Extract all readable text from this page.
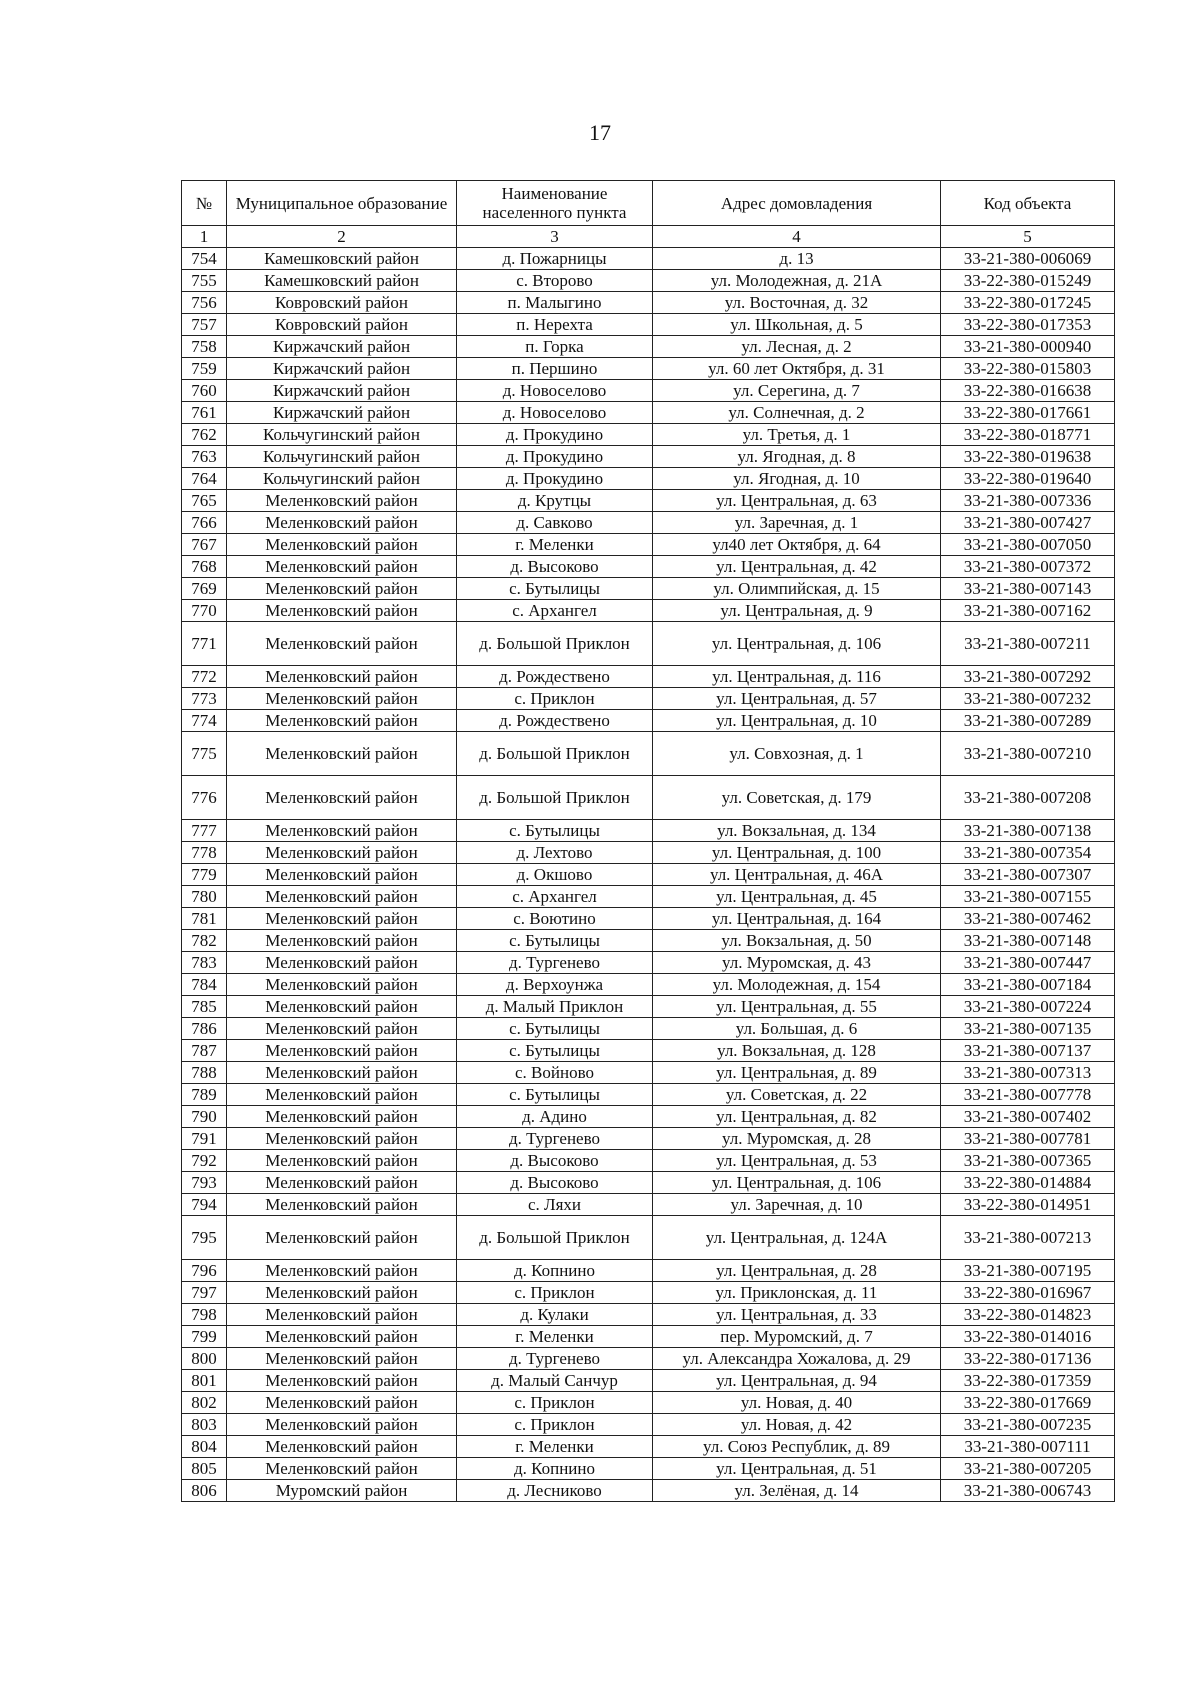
17
№	Муниципальное образование	Наименование населенного пункта	Адрес домовладения	Код объекта
1	2	3	4	5
754	Камешковский район	д. Пожарницы	д. 13	33-21-380-006069
755	Камешковский район	с. Второво	ул. Молодежная, д. 21А	33-22-380-015249
756	Ковровский район	п. Малыгино	ул. Восточная, д. 32	33-22-380-017245
757	Ковровский район	п. Нерехта	ул. Школьная, д. 5	33-22-380-017353
758	Киржачский район	п. Горка	ул. Лесная, д. 2	33-21-380-000940
759	Киржачский район	п. Першино	ул. 60 лет Октября, д. 31	33-22-380-015803
760	Киржачский район	д. Новоселово	ул. Серегина, д. 7	33-22-380-016638
761	Киржачский район	д. Новоселово	ул. Солнечная, д. 2	33-22-380-017661
762	Кольчугинский район	д. Прокудино	ул. Третья, д. 1	33-22-380-018771
763	Кольчугинский район	д. Прокудино	ул. Ягодная, д. 8	33-22-380-019638
764	Кольчугинский район	д. Прокудино	ул. Ягодная, д. 10	33-22-380-019640
765	Меленковский район	д. Крутцы	ул. Центральная, д. 63	33-21-380-007336
766	Меленковский район	д. Савково	ул. Заречная, д. 1	33-21-380-007427
767	Меленковский район	г. Меленки	ул40 лет Октября, д. 64	33-21-380-007050
768	Меленковский район	д. Высоково	ул. Центральная, д. 42	33-21-380-007372
769	Меленковский район	с. Бутылицы	ул. Олимпийская, д. 15	33-21-380-007143
770	Меленковский район	с. Архангел	ул. Центральная, д. 9	33-21-380-007162
771	Меленковский район	д. Большой Приклон	ул. Центральная, д. 106	33-21-380-007211
772	Меленковский район	д. Рождествено	ул. Центральная, д. 116	33-21-380-007292
773	Меленковский район	с. Приклон	ул. Центральная, д. 57	33-21-380-007232
774	Меленковский район	д. Рождествено	ул. Центральная, д. 10	33-21-380-007289
775	Меленковский район	д. Большой Приклон	ул. Совхозная, д. 1	33-21-380-007210
776	Меленковский район	д. Большой Приклон	ул. Советская, д. 179	33-21-380-007208
777	Меленковский район	с. Бутылицы	ул. Вокзальная, д. 134	33-21-380-007138
778	Меленковский район	д. Лехтово	ул. Центральная, д. 100	33-21-380-007354
779	Меленковский район	д. Окшово	ул. Центральная, д. 46А	33-21-380-007307
780	Меленковский район	с. Архангел	ул. Центральная, д. 45	33-21-380-007155
781	Меленковский район	с. Воютино	ул. Центральная, д. 164	33-21-380-007462
782	Меленковский район	с. Бутылицы	ул. Вокзальная, д. 50	33-21-380-007148
783	Меленковский район	д. Тургенево	ул. Муромская, д. 43	33-21-380-007447
784	Меленковский район	д. Верхоунжа	ул. Молодежная, д. 154	33-21-380-007184
785	Меленковский район	д. Малый Приклон	ул. Центральная, д. 55	33-21-380-007224
786	Меленковский район	с. Бутылицы	ул. Большая, д. 6	33-21-380-007135
787	Меленковский район	с. Бутылицы	ул. Вокзальная, д. 128	33-21-380-007137
788	Меленковский район	с. Войново	ул. Центральная, д. 89	33-21-380-007313
789	Меленковский район	с. Бутылицы	ул. Советская, д. 22	33-21-380-007778
790	Меленковский район	д. Адино	ул. Центральная, д. 82	33-21-380-007402
791	Меленковский район	д. Тургенево	ул. Муромская, д. 28	33-21-380-007781
792	Меленковский район	д. Высоково	ул. Центральная, д. 53	33-21-380-007365
793	Меленковский район	д. Высоково	ул. Центральная, д. 106	33-22-380-014884
794	Меленковский район	с. Ляхи	ул. Заречная, д. 10	33-22-380-014951
795	Меленковский район	д. Большой Приклон	ул. Центральная, д. 124А	33-21-380-007213
796	Меленковский район	д. Копнино	ул. Центральная, д. 28	33-21-380-007195
797	Меленковский район	с. Приклон	ул. Приклонская, д. 11	33-22-380-016967
798	Меленковский район	д. Кулаки	ул. Центральная, д. 33	33-22-380-014823
799	Меленковский район	г. Меленки	пер. Муромский, д. 7	33-22-380-014016
800	Меленковский район	д. Тургенево	ул. Александра Хожалова, д. 29	33-22-380-017136
801	Меленковский район	д. Малый Санчур	ул. Центральная, д. 94	33-22-380-017359
802	Меленковский район	с. Приклон	ул. Новая, д. 40	33-22-380-017669
803	Меленковский район	с. Приклон	ул. Новая, д. 42	33-21-380-007235
804	Меленковский район	г. Меленки	ул. Союз Республик, д. 89	33-21-380-007111
805	Меленковский район	д. Копнино	ул. Центральная, д. 51	33-21-380-007205
806	Муромский район	д. Лесниково	ул. Зелёная, д. 14	33-21-380-006743
